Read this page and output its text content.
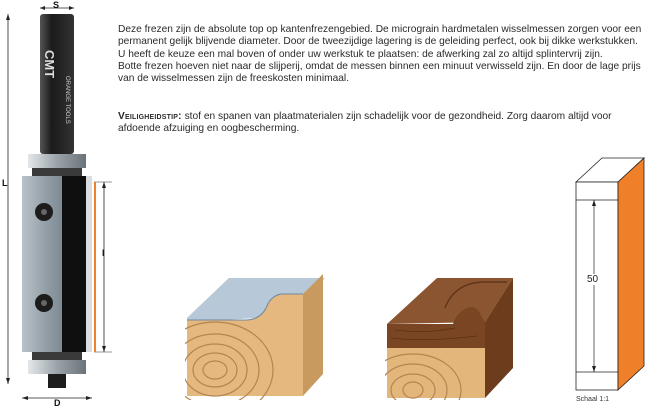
S
L
I
D
CMT
ORANGE TOOLS

Deze frezen zijn de absolute top op kantenfrezengebied. De micrograin hardmetalen wisselmessen zorgen voor een

permanent gelijk blijvende diameter. Door de tweezijdige lagering is de geleiding perfect, ook bij dikke werkstukken.

U heeft de keuze een mal boven of onder uw werkstuk te plaatsen: de afwerking zal zo altijd splintervrij zijn.

Botte frezen hoeven niet naar de slijperij, omdat de messen binnen een minuut verwisseld zijn. En door de lage prijs

van de wisselmessen zijn de freeskosten minimaal.

Veiligheidstip: stof en spanen van plaatmaterialen zijn schadelijk voor de gezondheid. Zorg daarom altijd voor

afdoende afzuiging en oogbescherming.

50
Schaal 1:1
